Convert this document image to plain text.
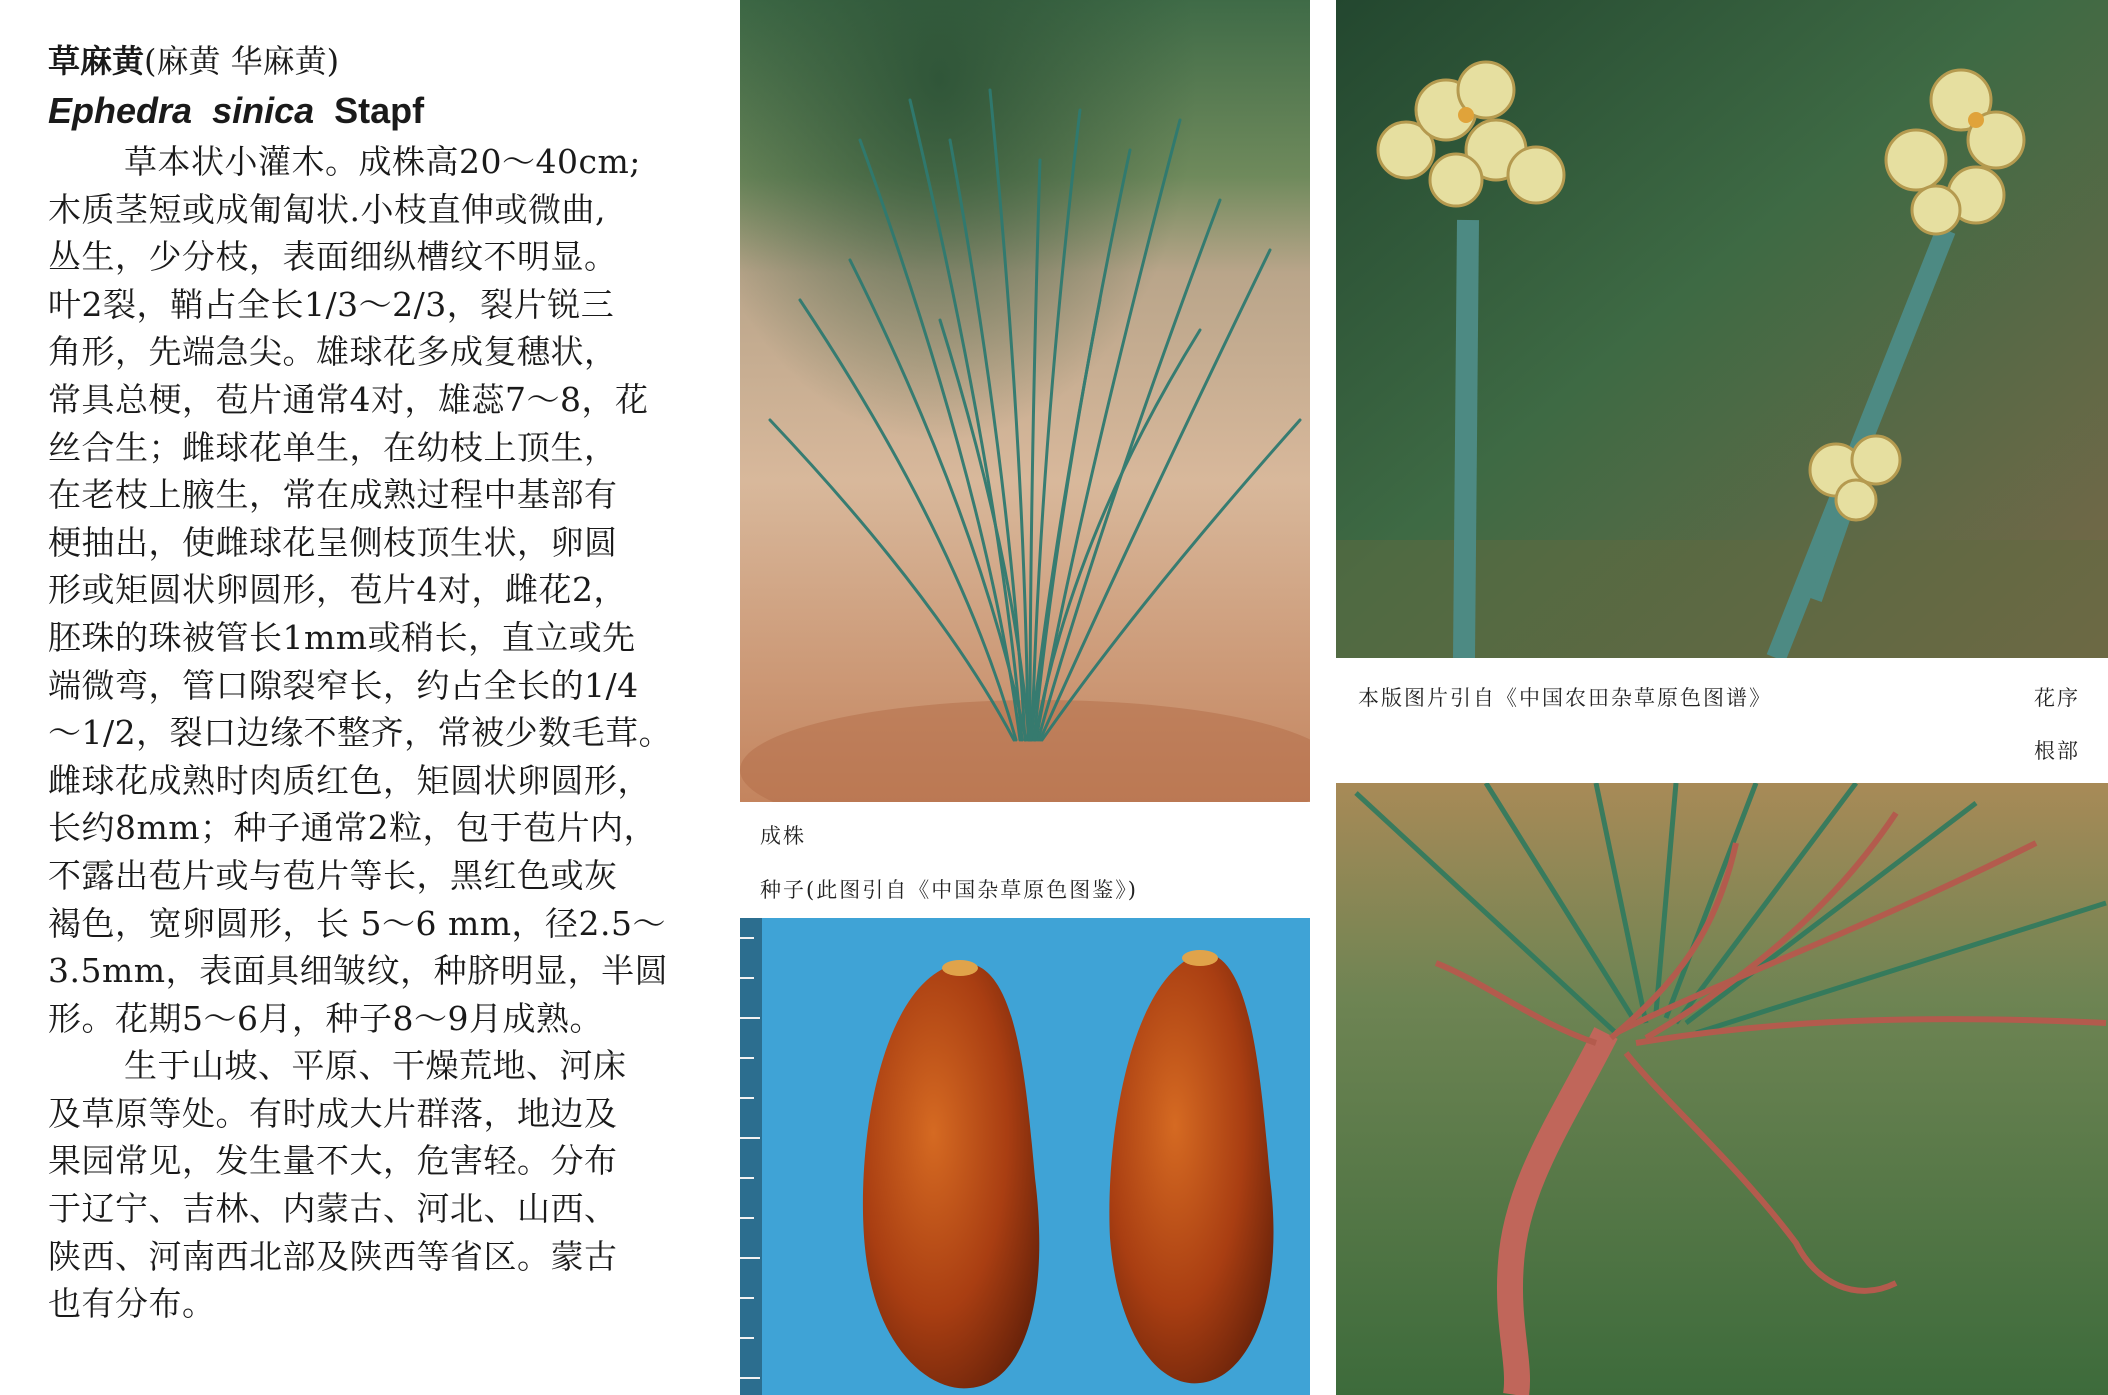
草麻黄(麻黄 华麻黄)
Ephedra sinica Stapf
草本状小灌木。成株高20～40cm;
木质茎短或成匍匐状.小枝直伸或微曲,
丛生，少分枝，表面细纵槽纹不明显。
叶2裂，鞘占全长1/3～2/3，裂片锐三
角形，先端急尖。雄球花多成复穗状，
常具总梗，苞片通常4对，雄蕊7～8，花
丝合生；雌球花单生，在幼枝上顶生，
在老枝上腋生，常在成熟过程中基部有
梗抽出，使雌球花呈侧枝顶生状，卵圆
形或矩圆状卵圆形，苞片4对，雌花2，
胚珠的珠被管长1mm或稍长，直立或先
端微弯，管口隙裂窄长，约占全长的1/4
～1/2，裂口边缘不整齐，常被少数毛茸。
雌球花成熟时肉质红色，矩圆状卵圆形，
长约8mm；种子通常2粒，包于苞片内，
不露出苞片或与苞片等长，黑红色或灰
褐色，宽卵圆形，长 5～6 mm，径2.5～
3.5mm，表面具细皱纹，种脐明显，半圆
形。花期5～6月，种子8～9月成熟。
生于山坡、平原、干燥荒地、河床
及草原等处。有时成大片群落，地边及
果园常见，发生量不大，危害轻。分布
于辽宁、吉林、内蒙古、河北、山西、
陕西、河南西北部及陕西等省区。蒙古
也有分布。
成株
种子(此图引自《中国杂草原色图鉴》)
本版图片引自《中国农田杂草原色图谱》	花序
根部
